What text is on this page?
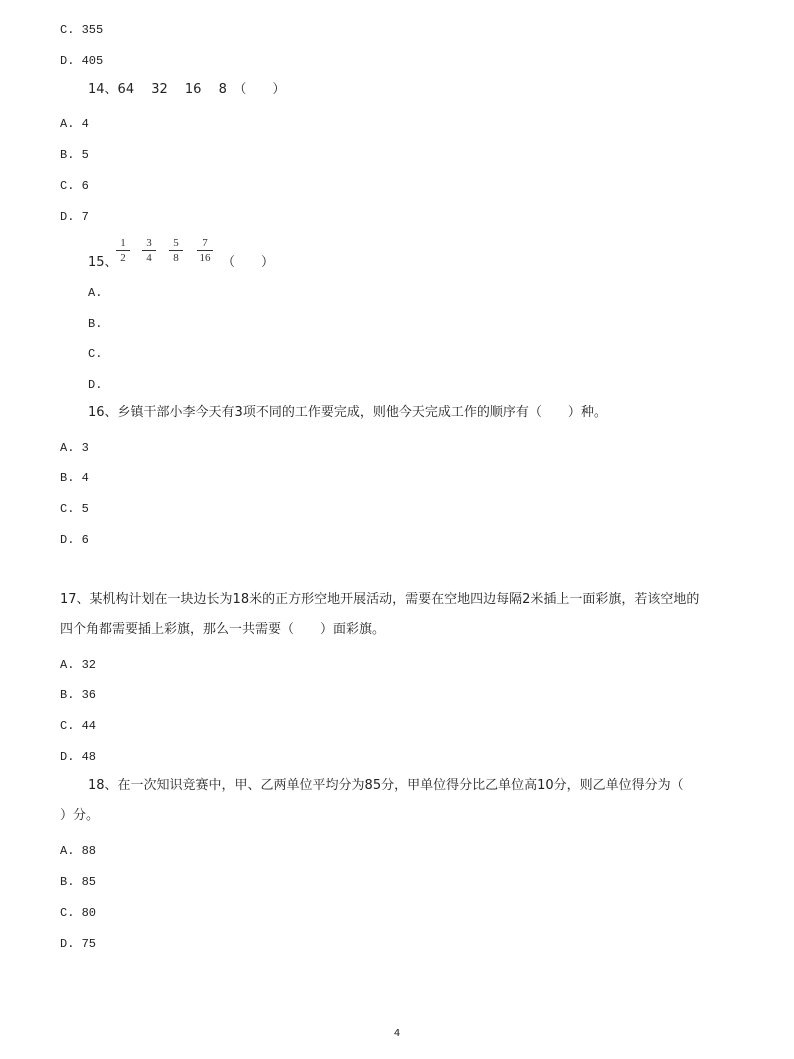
C. 355
D. 405
14、64　 32　 16　 8　（　　）
A. 4
B. 5
C. 6
D. 7
15、
1
2
3
4
5
8
7
16 （　　）
A.
B.
C.
D.
16、乡镇干部小李今天有3项不同的工作要完成，则他今天完成工作的顺序有（　　）种。
A. 3
B. 4
C. 5
D. 6
17、某机构计划在一块边长为18米的正方形空地开展活动，需要在空地四边每隔2米插上一面彩旗，若该空地的
四个角都需要插上彩旗，那么一共需要（　　）面彩旗。
A. 32
B. 36
C. 44
D. 48
18、在一次知识竞赛中，甲、乙两单位平均分为85分，甲单位得分比乙单位高10分，则乙单位得分为（
）分。
A. 88
B. 85
C. 80
D. 75
4
